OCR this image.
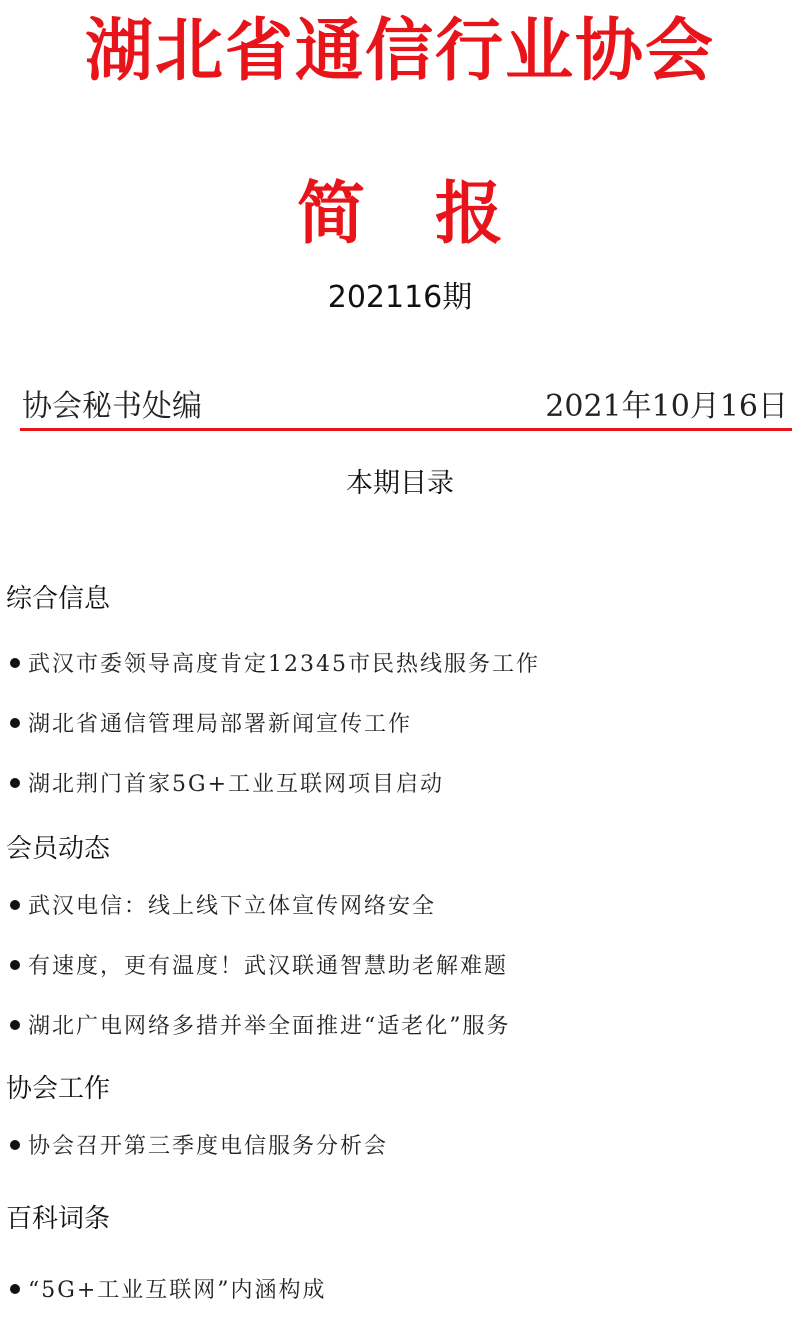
湖北省通信行业协会
简报
202116期
协会秘书处编	2021年10月16日
本期目录
综合信息
武汉市委领导高度肯定12345市民热线服务工作
湖北省通信管理局部署新闻宣传工作
湖北荆门首家5G+工业互联网项目启动
会员动态
武汉电信：线上线下立体宣传网络安全
有速度，更有温度！武汉联通智慧助老解难题
湖北广电网络多措并举全面推进“适老化”服务
协会工作
协会召开第三季度电信服务分析会
百科词条
“5G+工业互联网”内涵构成
